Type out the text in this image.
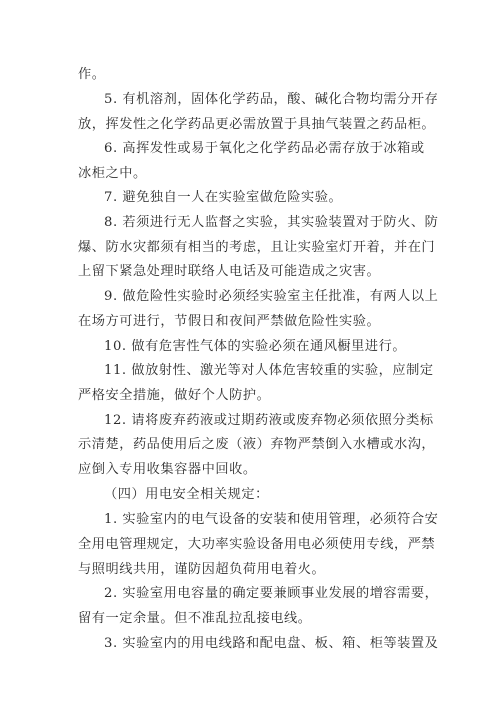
作。
5. 有机溶剂，固体化学药品，酸、碱化合物均需分开存
放，挥发性之化学药品更必需放置于具抽气装置之药品柜。
6. 高挥发性或易于氧化之化学药品必需存放于冰箱或
冰柜之中。
7. 避免独自一人在实验室做危险实验。
8. 若须进行无人监督之实验，其实验装置对于防火、防
爆、防水灾都须有相当的考虑，且让实验室灯开着，并在门
上留下紧急处理时联络人电话及可能造成之灾害。
9. 做危险性实验时必须经实验室主任批准，有两人以上
在场方可进行，节假日和夜间严禁做危险性实验。
10. 做有危害性气体的实验必须在通风橱里进行。
11. 做放射性、激光等对人体危害较重的实验，应制定
严格安全措施，做好个人防护。
12. 请将废弃药液或过期药液或废弃物必须依照分类标
示清楚，药品使用后之废（液）弃物严禁倒入水槽或水沟，
应倒入专用收集容器中回收。
（四）用电安全相关规定：
1. 实验室内的电气设备的安装和使用管理，必须符合安
全用电管理规定，大功率实验设备用电必须使用专线，严禁
与照明线共用，谨防因超负荷用电着火。
2. 实验室用电容量的确定要兼顾事业发展的增容需要，
留有一定余量。但不准乱拉乱接电线。
3. 实验室内的用电线路和配电盘、板、箱、柜等装置及
